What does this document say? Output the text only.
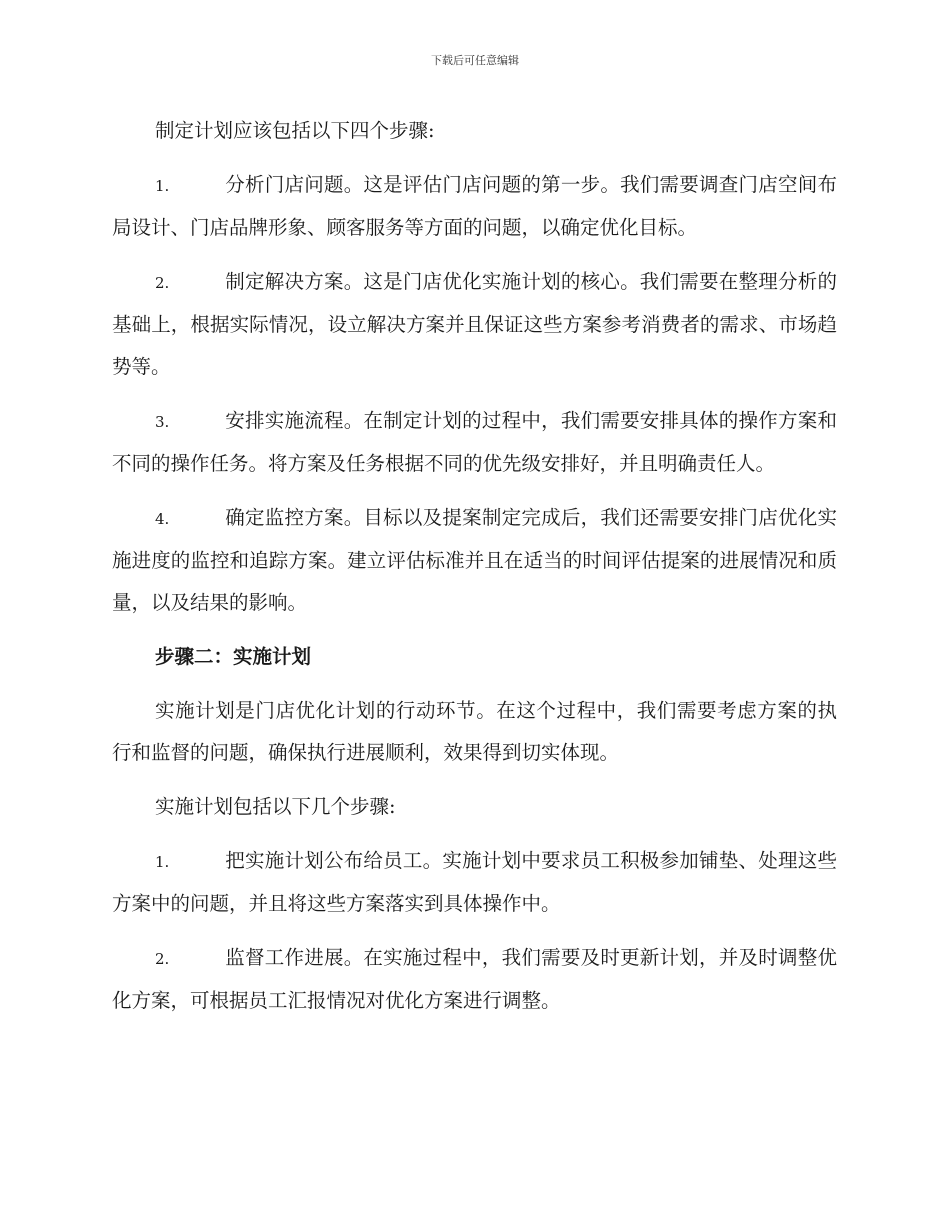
下载后可任意编辑

制定计划应该包括以下四个步骤:

1.	分析门店问题。这是评估门店问题的第一步。我们需要调查门店空间布局设计、门店品牌形象、顾客服务等方面的问题，以确定优化目标。

2.	制定解决方案。这是门店优化实施计划的核心。我们需要在整理分析的基础上，根据实际情况，设立解决方案并且保证这些方案参考消费者的需求、市场趋势等。

3.	安排实施流程。在制定计划的过程中，我们需要安排具体的操作方案和不同的操作任务。将方案及任务根据不同的优先级安排好，并且明确责任人。

4.	确定监控方案。目标以及提案制定完成后，我们还需要安排门店优化实施进度的监控和追踪方案。建立评估标准并且在适当的时间评估提案的进展情况和质量，以及结果的影响。

步骤二：实施计划

实施计划是门店优化计划的行动环节。在这个过程中，我们需要考虑方案的执行和监督的问题，确保执行进展顺利，效果得到切实体现。

实施计划包括以下几个步骤:

1.	把实施计划公布给员工。实施计划中要求员工积极参加铺垫、处理这些方案中的问题，并且将这些方案落实到具体操作中。

2.	监督工作进展。在实施过程中，我们需要及时更新计划，并及时调整优化方案，可根据员工汇报情况对优化方案进行调整。
